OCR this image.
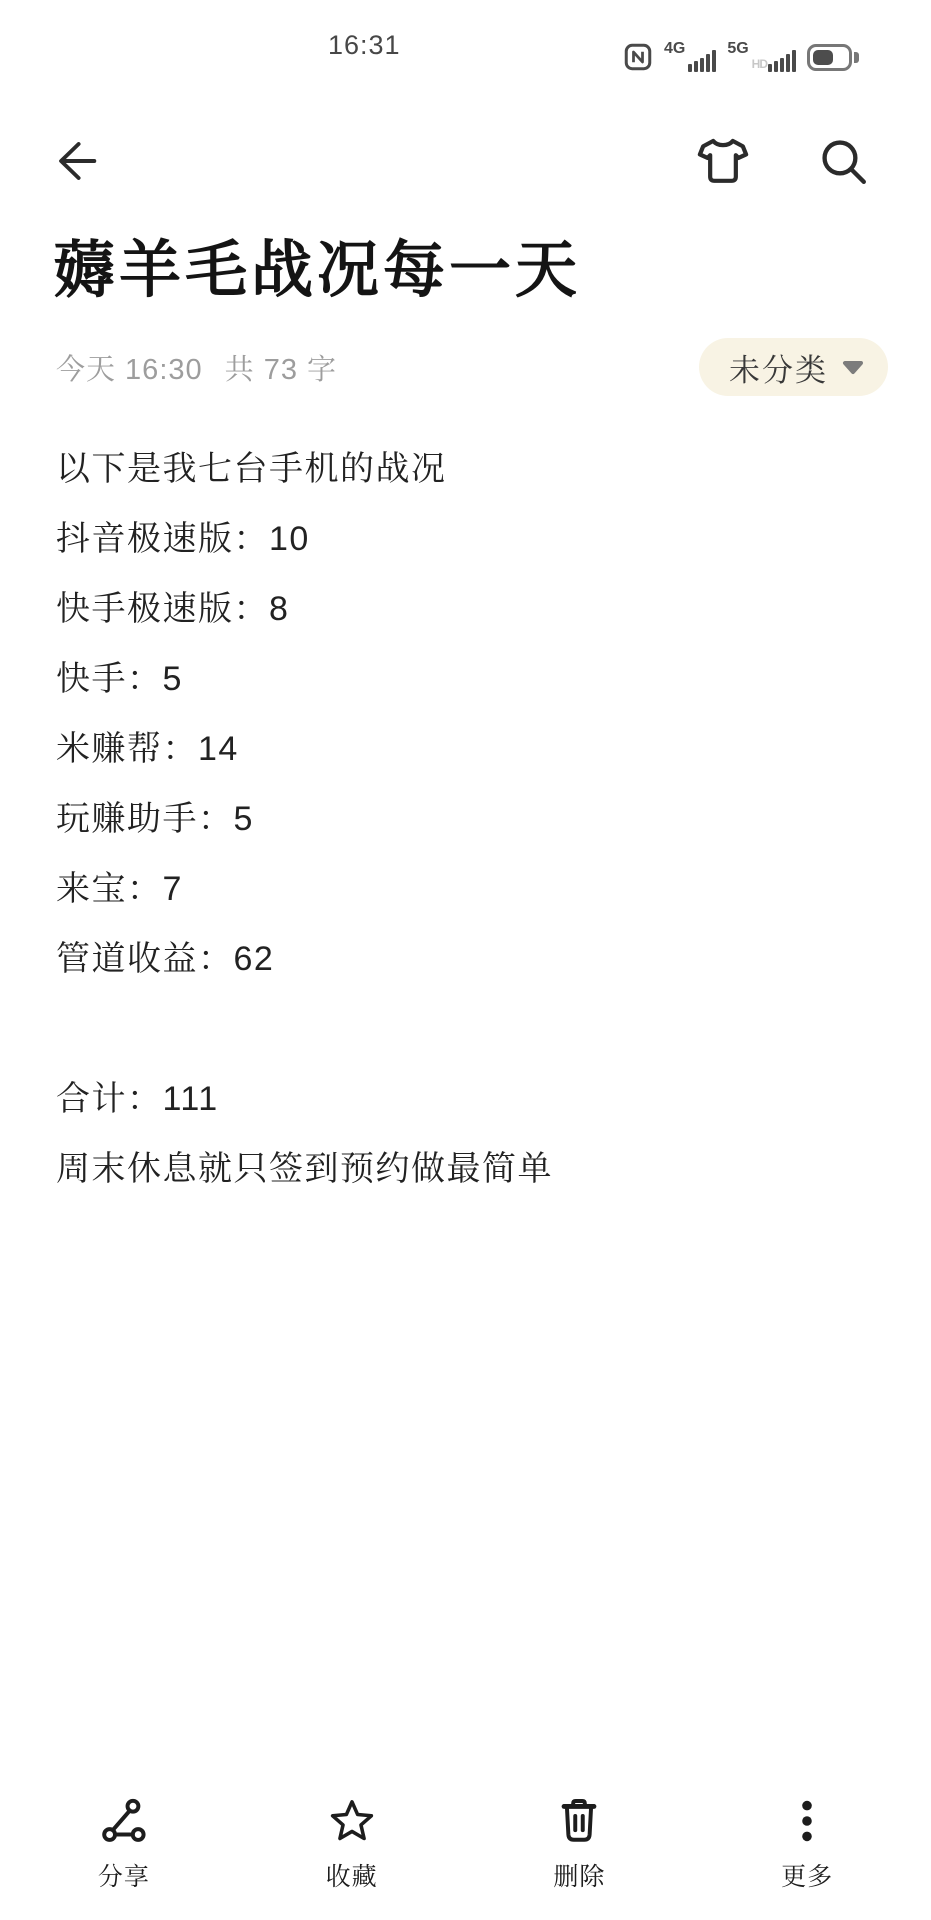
16:31	4G	5G
HD
薅羊毛战况每一天
今天 16:30 共 73 字	未分类

以下是我七台手机的战况

抖音极速版：10

快手极速版：8

快手：5

米赚帮：14

玩赚助手：5

来宝：7

管道收益：62

合计：111

周末休息就只签到预约做最简单

分享	收藏	删除	更多
